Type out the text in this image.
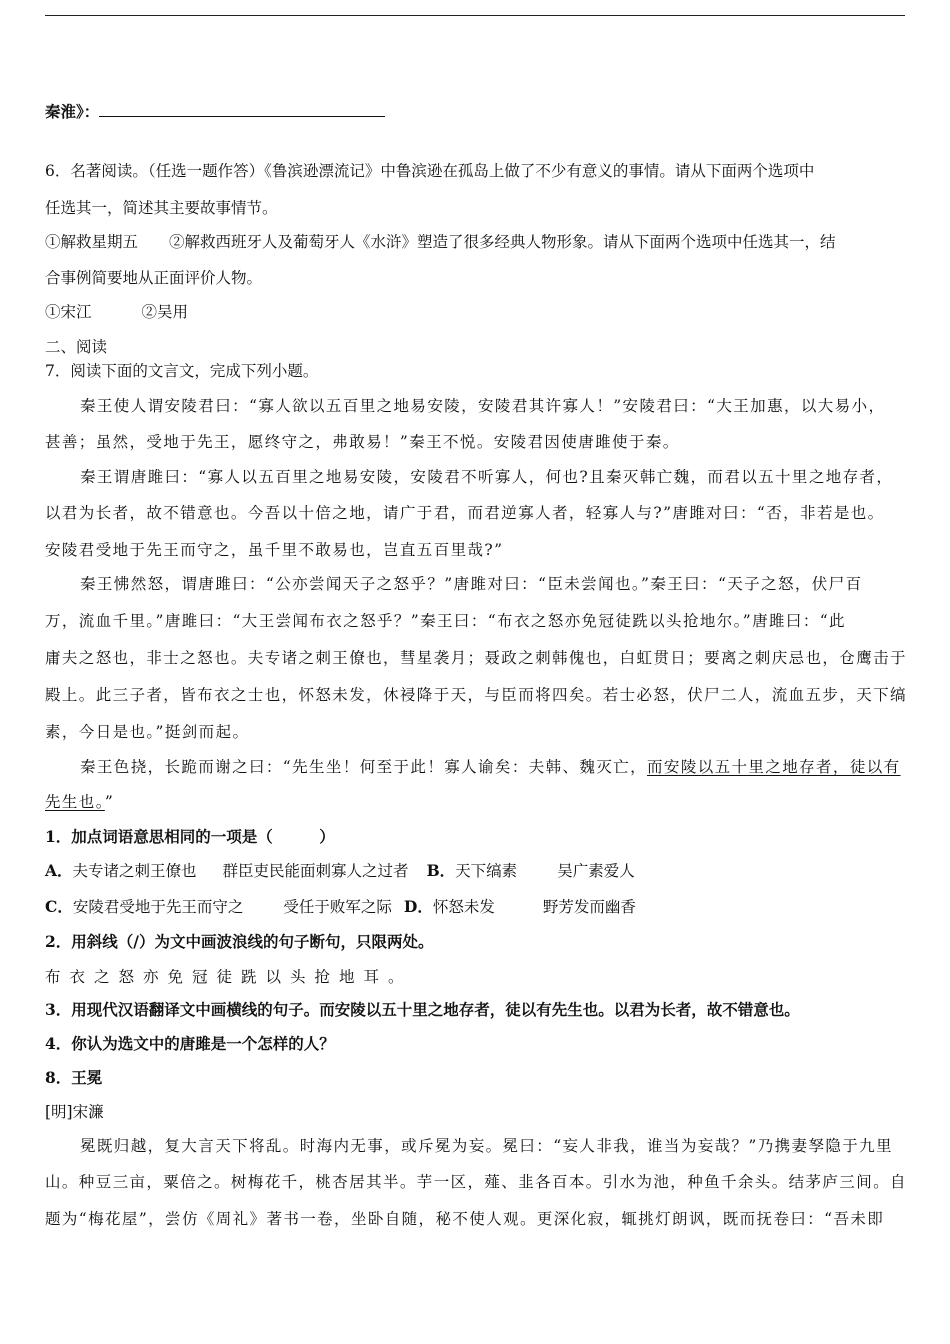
秦淮》：
6．名著阅读。（任选一题作答）《鲁滨逊漂流记》中鲁滨逊在孤岛上做了不少有意义的事情。请从下面两个选项中
任选其一，简述其主要故事情节。
①解救星期五　　②解救西班牙人及葡萄牙人《水浒》塑造了很多经典人物形象。请从下面两个选项中任选其一，结
合事例简要地从正面评价人物。
①宋江	②吴用
二、阅读
7．阅读下面的文言文，完成下列小题。
秦王使人谓安陵君曰：“寡人欲以五百里之地易安陵，安陵君其许寡人！”安陵君曰：“大王加惠，以大易小，
甚善；虽然，受地于先王，愿终守之，弗敢易！”秦王不悦。安陵君因使唐雎使于秦。
秦王谓唐雎曰：“寡人以五百里之地易安陵，安陵君不听寡人，何也?且秦灭韩亡魏，而君以五十里之地存者，
以君为长者，故不错意也。今吾以十倍之地，请广于君，而君逆寡人者，轻寡人与?”唐雎对曰：“否，非若是也。
安陵君受地于先王而守之，虽千里不敢易也，岂直五百里哉?”
秦王怫然怒，谓唐雎曰：“公亦尝闻天子之怒乎？”唐雎对曰：“臣未尝闻也。”秦王曰：“天子之怒，伏尸百
万，流血千里。”唐雎曰：“大王尝闻布衣之怒乎？”秦王曰：“布衣之怒亦免冠徒跣以头抢地尔。”唐雎曰：“此
庸夫之怒也，非士之怒也。夫专诸之刺王僚也，彗星袭月；聂政之刺韩傀也，白虹贯日；要离之刺庆忌也，仓鹰击于
殿上。此三子者，皆布衣之士也，怀怒未发，休祲降于天，与臣而将四矣。若士必怒，伏尸二人，流血五步，天下缟
素，今日是也。”挺剑而起。
秦王色挠，长跪而谢之曰：“先生坐！何至于此！寡人谕矣：夫韩、魏灭亡，而安陵以五十里之地存者，徒以有
先生也。”
1．加点词语意思相同的一项是（　　　）
A．夫专诸之刺王僚也 群臣吏民能面刺寡人之过者 B．天下缟素	吴广素爱人
C．安陵君受地于先王而守之	受任于败军之际 D．怀怒未发	野芳发而幽香
2．用斜线（/）为文中画波浪线的句子断句，只限两处。
布衣之怒亦免冠徒跣以头抢地耳。
3．用现代汉语翻译文中画横线的句子。而安陵以五十里之地存者，徒以有先生也。以君为长者，故不错意也。
4．你认为选文中的唐雎是一个怎样的人？
8．王冕
[明]宋濂
冕既归越，复大言天下将乱。时海内无事，或斥冕为妄。冕曰：“妄人非我，谁当为妄哉？”乃携妻孥隐于九里
山。种豆三亩，粟倍之。树梅花千，桃杏居其半。芋一区，薤、韭各百本。引水为池，种鱼千余头。结茅庐三间。自
题为“梅花屋”，尝仿《周礼》著书一卷，坐卧自随，秘不使人观。更深化寂，辄挑灯朗讽，既而抚卷曰：“吾未即
